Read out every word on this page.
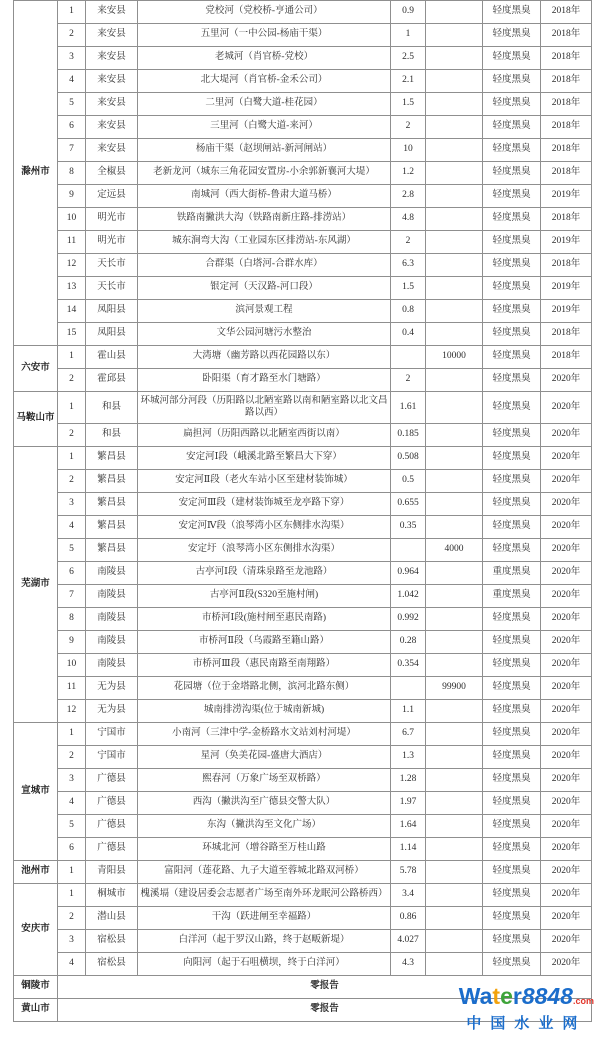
滁州市	1	来安县	党校河（党校桥-亨通公司）	0.9		轻度黑臭	2018年
	2	来安县	五里河（一中公园-杨庙干渠）	1		轻度黑臭	2018年
	3	来安县	老城河（肖官桥-党校）	2.5		轻度黑臭	2018年
	4	来安县	北大堤河（肖官桥-金禾公司）	2.1		轻度黑臭	2018年
	5	来安县	二里河（白鹭大道-桂花园）	1.5		轻度黑臭	2018年
	6	来安县	三里河（白鹭大道-来河）	2		轻度黑臭	2018年
	7	来安县	杨庙干渠（赵坝闸站-新河闸站）	10		轻度黑臭	2018年
	8	全椒县	老新龙河（城东三角花园安置房-小余郭新襄河大堤）	1.2		轻度黑臭	2018年
	9	定远县	南城河（西大街桥-鲁肃大道马桥）	2.8		轻度黑臭	2019年
	10	明光市	铁路南撇洪大沟（铁路南新庄路-排涝站）	4.8		轻度黑臭	2018年
	11	明光市	城东涧弯大沟（工业园东区排涝站-东风湖）	2		轻度黑臭	2019年
	12	天长市	合群渠（白塔河-合群水库）	6.3		轻度黑臭	2018年
	13	天长市	银定河（天汉路-河口段）	1.5		轻度黑臭	2019年
	14	凤阳县	滨河景观工程	0.8		轻度黑臭	2019年
	15	凤阳县	文华公园河塘污水整治	0.4		轻度黑臭	2018年
六安市	1	霍山县	大湾塘（幽芳路以西花园路以东）		10000	轻度黑臭	2018年
	2	霍邱县	卧阳渠（育才路至水门塘路）	2		轻度黑臭	2020年
马鞍山市	1	和县	环城河部分河段（历阳路以北陋室路以南和陋室路以北文昌路以西）	1.61		轻度黑臭	2020年
	2	和县	扁担河（历阳西路以北陋室西街以南）	0.185		轻度黑臭	2020年
芜湖市	1	繁昌县	安定河Ⅰ段（峨溪北路至繁昌大下穿）	0.508		轻度黑臭	2020年
	2	繁昌县	安定河Ⅱ段（老火车站小区至建材装饰城）	0.5		轻度黑臭	2020年
	3	繁昌县	安定河Ⅲ段（建材装饰城至龙亭路下穿）	0.655		轻度黑臭	2020年
	4	繁昌县	安定河Ⅳ段（浪琴湾小区东侧排水沟渠）	0.35		轻度黑臭	2020年
	5	繁昌县	安定圩（浪琴湾小区东侧排水沟渠）		4000	轻度黑臭	2020年
	6	南陵县	古亭河Ⅰ段（清珠泉路至龙池路）	0.964		重度黑臭	2020年
	7	南陵县	古亭河Ⅱ段(S320至施村闸)	1.042		重度黑臭	2020年
	8	南陵县	市桥河Ⅰ段(施村闸至惠民南路)	0.992		轻度黑臭	2020年
	9	南陵县	市桥河Ⅱ段（乌霞路至籍山路）	0.28		轻度黑臭	2020年
	10	南陵县	市桥河Ⅲ段（惠民南路至南翔路）	0.354		轻度黑臭	2020年
	11	无为县	花园塘（位于金塔路北侧，滨河北路东侧）		99900	轻度黑臭	2020年
	12	无为县	城南排涝沟渠(位于城南新城)	1.1		轻度黑臭	2020年
宣城市	1	宁国市	小南河（三津中学-金桥路水文站刘村河堤）	6.7		轻度黑臭	2020年
	2	宁国市	星河（奂美花园-盛唐大酒店）	1.3		轻度黑臭	2020年
	3	广德县	熙春河（万象广场至双桥路）	1.28		轻度黑臭	2020年
	4	广德县	西沟（撇洪沟至广德县交警大队）	1.97		轻度黑臭	2020年
	5	广德县	东沟（撇洪沟至文化广场）	1.64		轻度黑臭	2020年
	6	广德县	环城北河（增谷路至万桂山路	1.14		轻度黑臭	2020年
池州市	1	青阳县	富阳河（莲花路、九子大道至蓉城北路双河桥）	5.78		轻度黑臭	2020年
安庆市	1	桐城市	槐溪塥（建设居委会志愿者广场至南外环龙眠河公路桥西）	3.4		轻度黑臭	2020年
	2	潜山县	干沟（跃进闸至幸福路）	0.86		轻度黑臭	2020年
	3	宿松县	白洋河（起于罗汉山路，终于赵畈新堤）	4.027		轻度黑臭	2020年
	4	宿松县	向阳河（起于石咀横坝，终于白洋河）	4.3		轻度黑臭	2020年
铜陵市	零报告						
黄山市	零报告						
Water8848.com
中国水业网
